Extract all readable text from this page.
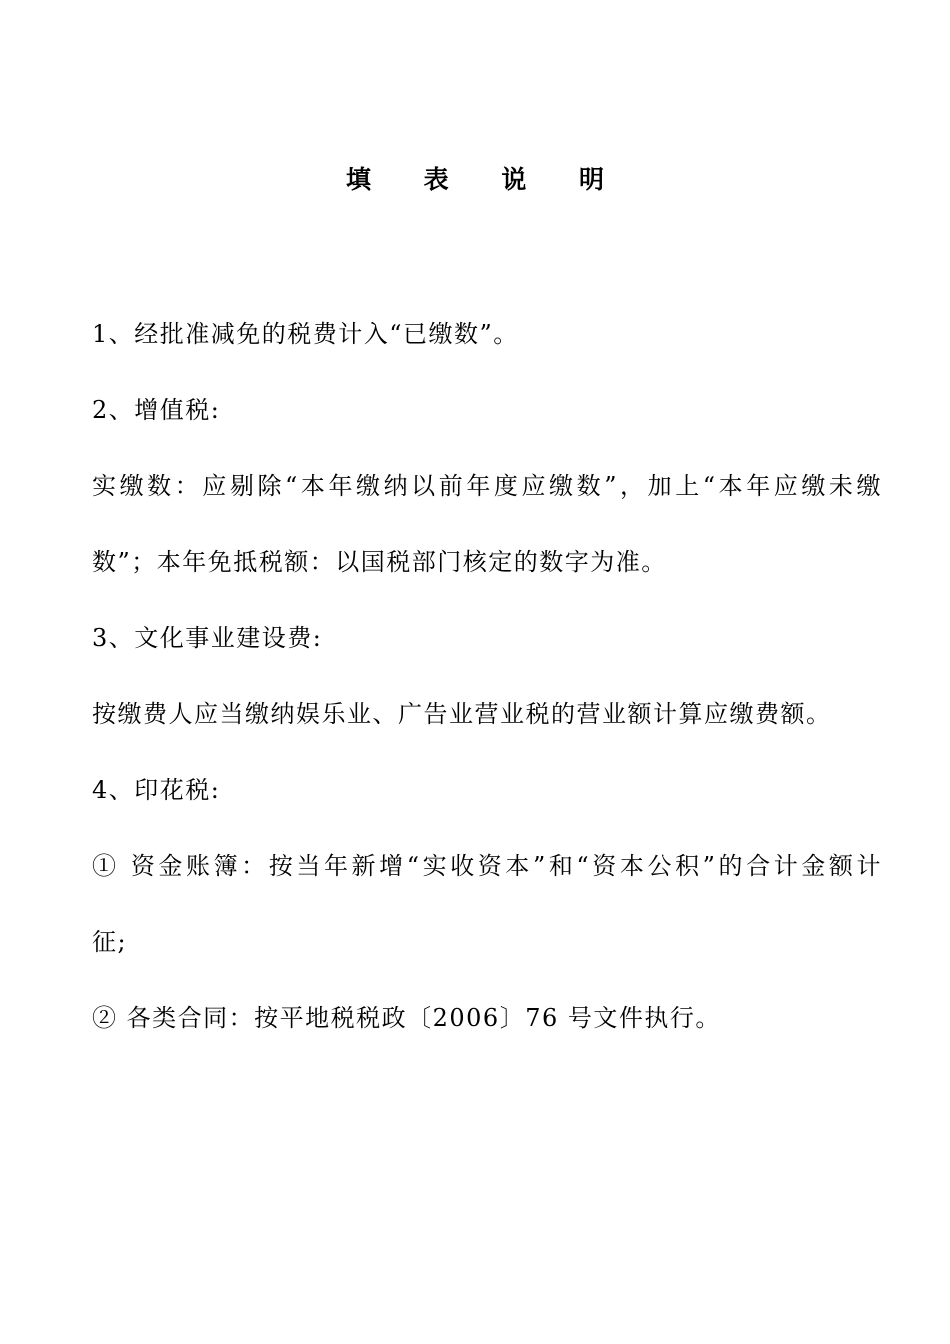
填 表 说 明
1、经批准减免的税费计入“已缴数”。
2、增值税:
实缴数：应剔除“本年缴纳以前年度应缴数”，加上“本年应缴未缴
数”；本年免抵税额：以国税部门核定的数字为准。
3、文化事业建设费:
按缴费人应当缴纳娱乐业、广告业营业税的营业额计算应缴费额。
4、印花税:
① 资金账簿：按当年新增“实收资本”和“资本公积”的合计金额计
征;
② 各类合同：按平地税税政〔2006〕76 号文件执行。
